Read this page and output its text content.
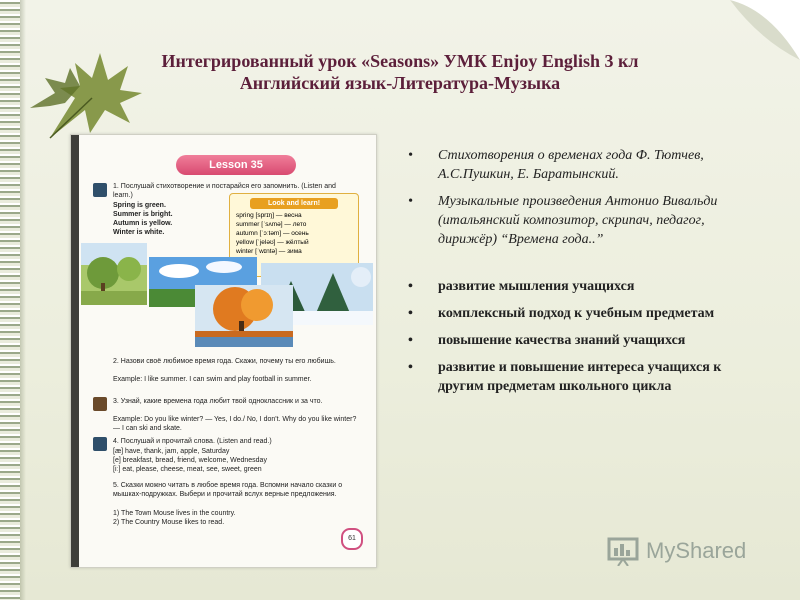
Интегрированный урок «Seasons» УМК Enjoy English 3 кл
Английский язык-Литература-Музыка
Lesson 35
1. Послушай стихотворение и постарайся его запомнить. (Listen and learn.)
Spring is green.
Summer is bright.
Autumn is yellow.
Winter is white.
Look and learn!
spring [sprɪŋ] — весна
summer [ˈsʌmə] — лето
autumn [ˈɔːtəm] — осень
yellow [ˈjeləʊ] — жёлтый
winter [ˈwɪntə] — зима
2. Назови своё любимое время года. Скажи, почему ты его любишь.
Example: I like summer. I can swim and play football in summer.
3. Узнай, какие времена года любит твой одноклассник и за что.
Example: Do you like winter? — Yes, I do./ No, I don't. Why do you like winter? — I can ski and skate.
4. Послушай и прочитай слова. (Listen and read.)
[æ] have, thank, jam, apple, Saturday
[e] breakfast, bread, friend, welcome, Wednesday
[iː] eat, please, cheese, meat, see, sweet, green
5. Сказки можно читать в любое время года. Вспомни начало сказки о мышках-подружках. Выбери и прочитай вслух верные предложения.
1) The Town Mouse lives in the country.
2) The Country Mouse likes to read.
61
• Стихотворения о временах года Ф. Тютчев, А.С.Пушкин, Е. Баратынский.
• Музыкальные произведения Антонио Вивальди (итальянский композитор, скрипач, педагог, дирижёр) “Времена года..”
• развитие мышления учащихся
• комплексный подход к учебным предметам
• повышение качества знаний учащихся
• развитие и повышение интереса учащихся к другим предметам школьного цикла
MyShared
